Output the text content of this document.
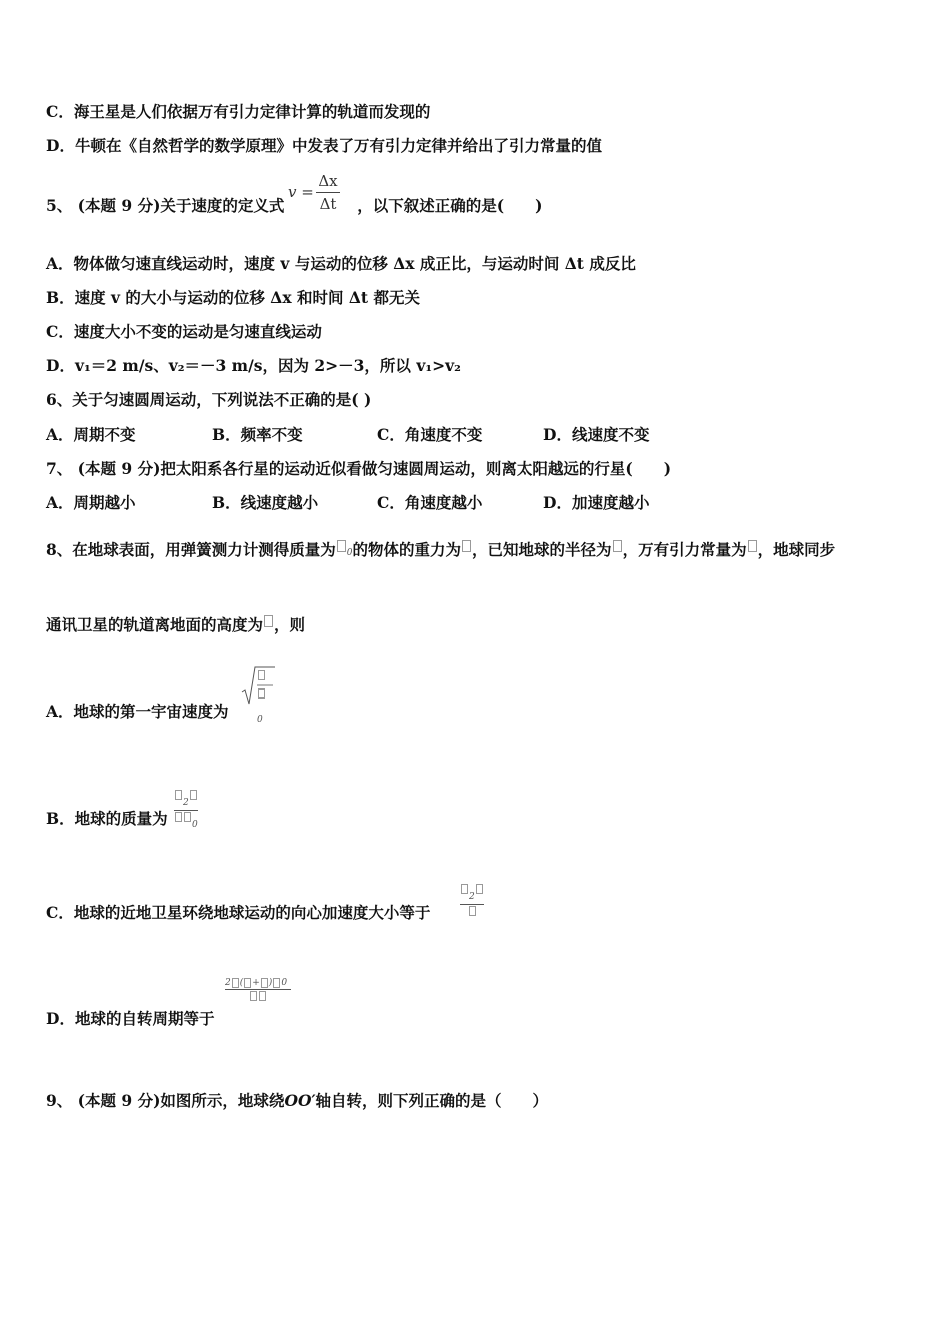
C．海王星是人们依据万有引力定律计算的轨道而发现的
D．牛顿在《自然哲学的数学原理》中发表了万有引力定律并给出了引力常量的值
5、 (本题 9 分)关于速度的定义式	，以下叙述正确的是(　　)
v =
Δx
Δt
A．物体做匀速直线运动时，速度 v 与运动的位移 Δx 成正比，与运动时间 Δt 成反比
B．速度 v 的大小与运动的位移 Δx 和时间 Δt 都无关
C．速度大小不变的运动是匀速直线运动
D．v₁＝2 m/s、v₂＝－3 m/s，因为 2>－3，所以 v₁>v₂
6、关于匀速圆周运动，下列说法不正确的是( )
A．周期不变	B．频率不变	C．角速度不变	D．线速度不变
7、 (本题 9 分)把太阳系各行星的运动近似看做匀速圆周运动，则离太阳越远的行星(　　)
A．周期越小	B．线速度越小	C．角速度越小	D．加速度越小
8、在地球表面，用弹簧测力计测得质量为 0的物体的重力为 ，已知地球的半径为 ，万有引力常量为 ，地球同步
通讯卫星的轨道离地面的高度为 ，则
A．地球的第一宇宙速度为	0
B．地球的质量为
2
0
C．地球的近地卫星环绕地球运动的向心加速度大小等于
2
D．地球的自转周期等于
2 ( + ) 0
9、 (本题 9 分)如图所示，地球绕OO′轴自转，则下列正确的是（　　）
